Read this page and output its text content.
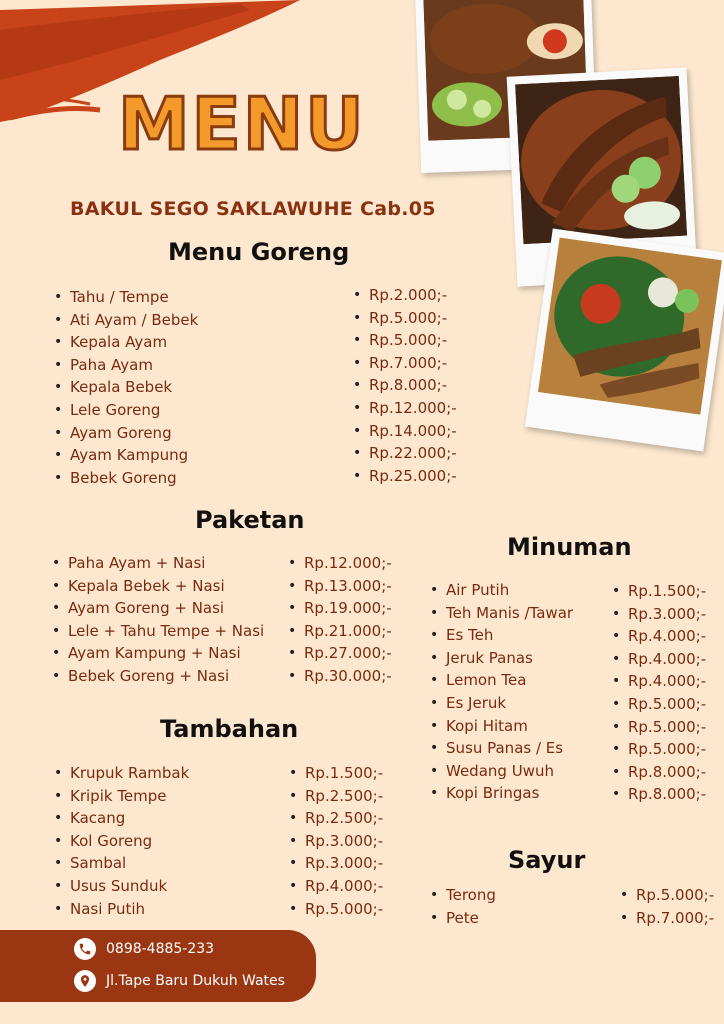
MENU
BAKUL SEGO SAKLAWUHE Cab.05
Menu Goreng
• Tahu / Tempe
• Ati Ayam / Bebek
• Kepala Ayam
• Paha Ayam
• Kepala Bebek
• Lele Goreng
• Ayam Goreng
• Ayam Kampung
• Bebek Goreng
• Rp.2.000;-
• Rp.5.000;-
• Rp.5.000;-
• Rp.7.000;-
• Rp.8.000;-
• Rp.12.000;-
• Rp.14.000;-
• Rp.22.000;-
• Rp.25.000;-
Paketan
• Paha Ayam + Nasi
• Kepala Bebek + Nasi
• Ayam Goreng + Nasi
• Lele + Tahu Tempe + Nasi
• Ayam Kampung + Nasi
• Bebek Goreng + Nasi
• Rp.12.000;-
• Rp.13.000;-
• Rp.19.000;-
• Rp.21.000;-
• Rp.27.000;-
• Rp.30.000;-
Tambahan
• Krupuk Rambak
• Kripik Tempe
• Kacang
• Kol Goreng
• Sambal
• Usus Sunduk
• Nasi Putih
• Rp.1.500;-
• Rp.2.500;-
• Rp.2.500;-
• Rp.3.000;-
• Rp.3.000;-
• Rp.4.000;-
• Rp.5.000;-
Minuman
• Air Putih
• Teh Manis /Tawar
• Es Teh
• Jeruk Panas
• Lemon Tea
• Es Jeruk
• Kopi Hitam
• Susu Panas / Es
• Wedang Uwuh
• Kopi Bringas
• Rp.1.500;-
• Rp.3.000;-
• Rp.4.000;-
• Rp.4.000;-
• Rp.4.000;-
• Rp.5.000;-
• Rp.5.000;-
• Rp.5.000;-
• Rp.8.000;-
• Rp.8.000;-
Sayur
• Terong
• Pete
• Rp.5.000;-
• Rp.7.000;-
0898-4885-233
Jl.Tape Baru Dukuh Wates
